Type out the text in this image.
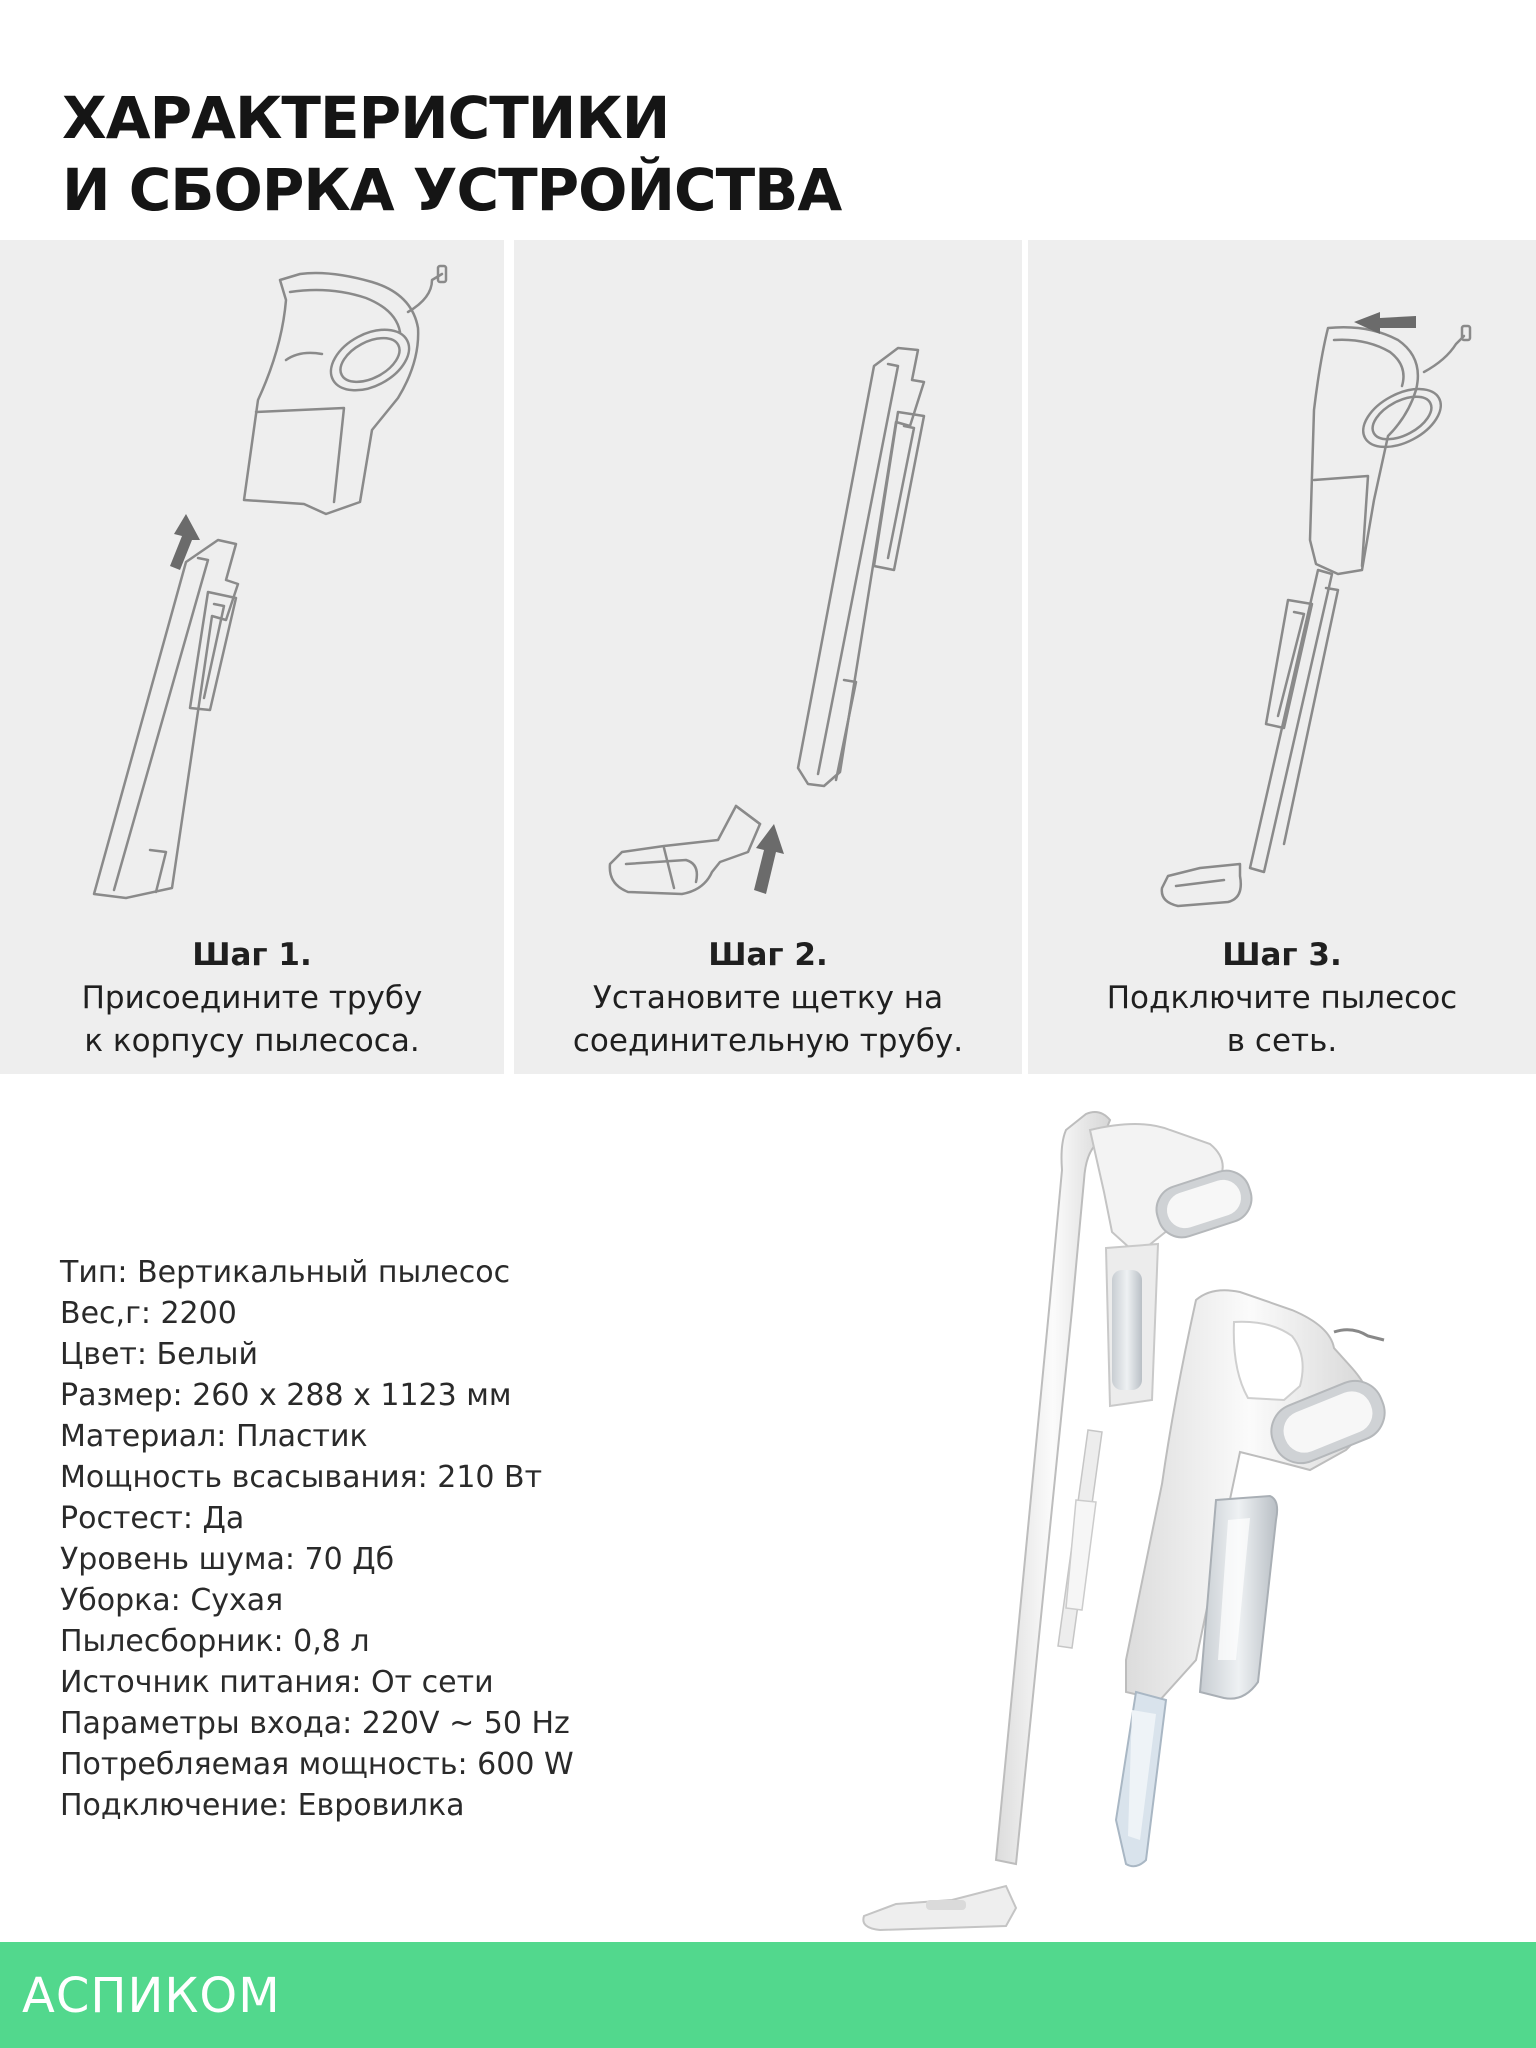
ХАРАКТЕРИСТИКИ
И СБОРКА УСТРОЙСТВА
Шаг 1.
Присоедините трубу
к корпусу пылесоса.
Шаг 2.
Установите щетку на
соединительную трубу.
Шаг 3.
Подключите пылесос
в сеть.
Тип: Вертикальный пылесос
Вес,г: 2200
Цвет: Белый
Размер: 260 x 288 x 1123 мм
Материал: Пластик
Мощность всасывания: 210 Вт
Ростест: Да
Уровень шума: 70 Дб
Уборка: Сухая
Пылесборник: 0,8 л
Источник питания: От сети
Параметры входа: 220V ~ 50 Hz
Потребляемая мощность: 600 W
Подключение: Евровилка
АСПИКОМ
